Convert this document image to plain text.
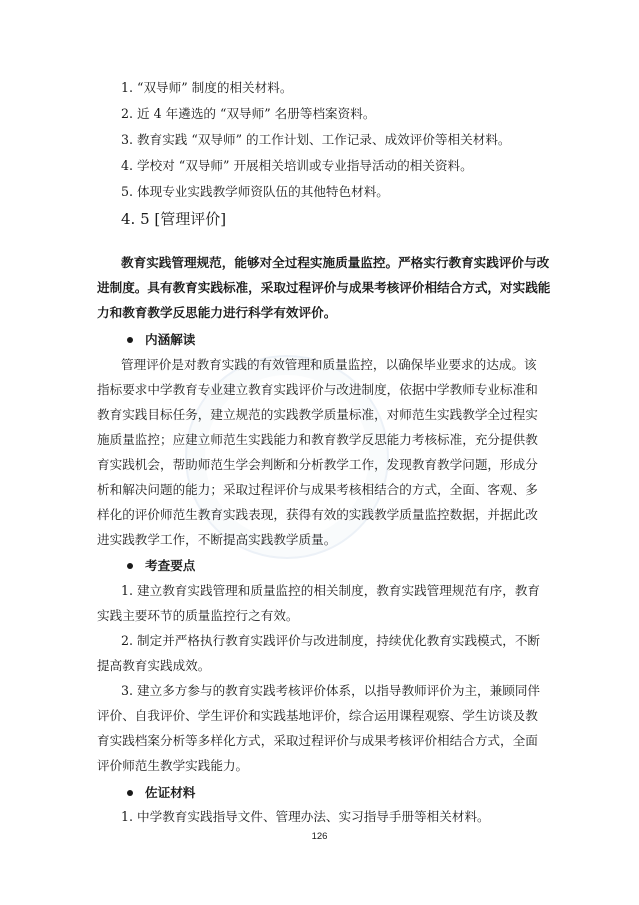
1. “双导师” 制度的相关材料。
2. 近 4 年遴选的 “双导师” 名册等档案资料。
3. 教育实践 “双导师” 的工作计划、工作记录、成效评价等相关材料。
4. 学校对 “双导师” 开展相关培训或专业指导活动的相关资料。
5. 体现专业实践教学师资队伍的其他特色材料。
4. 5 [管理评价]
教育实践管理规范，能够对全过程实施质量监控。严格实行教育实践评价与改
进制度。具有教育实践标准，采取过程评价与成果考核评价相结合方式，对实践能
力和教育教学反思能力进行科学有效评价。
内涵解读
管理评价是对教育实践的有效管理和质量监控，以确保毕业要求的达成。该
指标要求中学教育专业建立教育实践评价与改进制度，依据中学教师专业标准和
教育实践目标任务，建立规范的实践教学质量标准，对师范生实践教学全过程实
施质量监控；应建立师范生实践能力和教育教学反思能力考核标准，充分提供教
育实践机会，帮助师范生学会判断和分析教学工作，发现教育教学问题，形成分
析和解决问题的能力；采取过程评价与成果考核相结合的方式，全面、客观、多
样化的评价师范生教育实践表现，获得有效的实践教学质量监控数据，并据此改
进实践教学工作，不断提高实践教学质量。
考查要点
1. 建立教育实践管理和质量监控的相关制度，教育实践管理规范有序，教育
实践主要环节的质量监控行之有效。
2. 制定并严格执行教育实践评价与改进制度，持续优化教育实践模式，不断
提高教育实践成效。
3. 建立多方参与的教育实践考核评价体系，以指导教师评价为主，兼顾同伴
评价、自我评价、学生评价和实践基地评价，综合运用课程观察、学生访谈及教
育实践档案分析等多样化方式，采取过程评价与成果考核评价相结合方式，全面
评价师范生教学实践能力。
佐证材料
1. 中学教育实践指导文件、管理办法、实习指导手册等相关材料。
126
